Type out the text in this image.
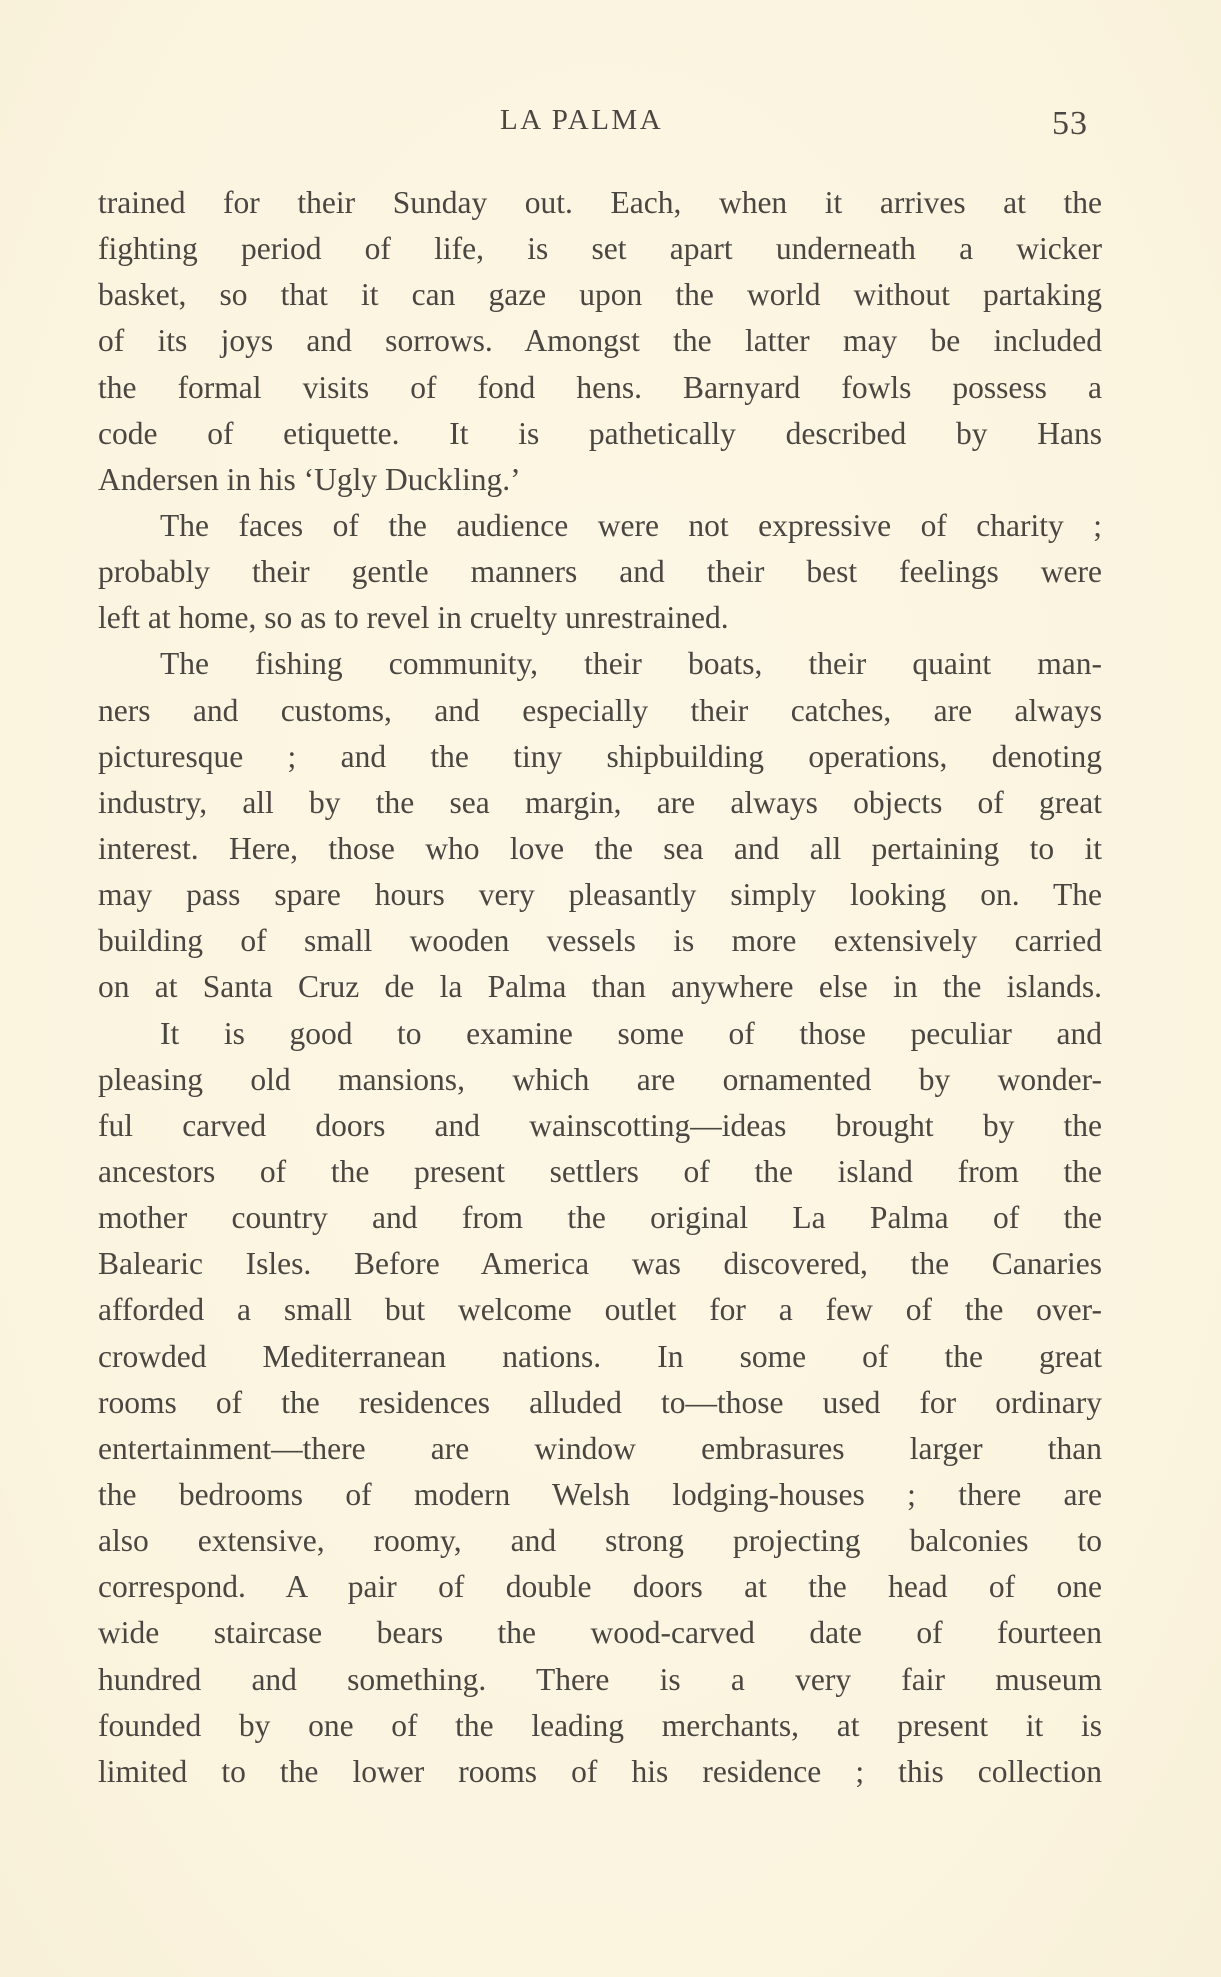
LA PALMA	53
trained for their Sunday out. Each, when it arrives at the
fighting period of life, is set apart underneath a wicker
basket, so that it can gaze upon the world without partaking
of its joys and sorrows. Amongst the latter may be included
the formal visits of fond hens. Barnyard fowls possess a
code of etiquette. It is pathetically described by Hans
Andersen in his ‘Ugly Duckling.’
The faces of the audience were not expressive of charity ;
probably their gentle manners and their best feelings were
left at home, so as to revel in cruelty unrestrained.
The fishing community, their boats, their quaint man-
ners and customs, and especially their catches, are always
picturesque ; and the tiny shipbuilding operations, denoting
industry, all by the sea margin, are always objects of great
interest. Here, those who love the sea and all pertaining to it
may pass spare hours very pleasantly simply looking on. The
building of small wooden vessels is more extensively carried
on at Santa Cruz de la Palma than anywhere else in the islands.
It is good to examine some of those peculiar and
pleasing old mansions, which are ornamented by wonder-
ful carved doors and wainscotting—ideas brought by the
ancestors of the present settlers of the island from the
mother country and from the original La Palma of the
Balearic Isles. Before America was discovered, the Canaries
afforded a small but welcome outlet for a few of the over-
crowded Mediterranean nations. In some of the great
rooms of the residences alluded to—those used for ordinary
entertainment—there are window embrasures larger than
the bedrooms of modern Welsh lodging-houses ; there are
also extensive, roomy, and strong projecting balconies to
correspond. A pair of double doors at the head of one
wide staircase bears the wood-carved date of fourteen
hundred and something. There is a very fair museum
founded by one of the leading merchants, at present it is
limited to the lower rooms of his residence ; this collection
